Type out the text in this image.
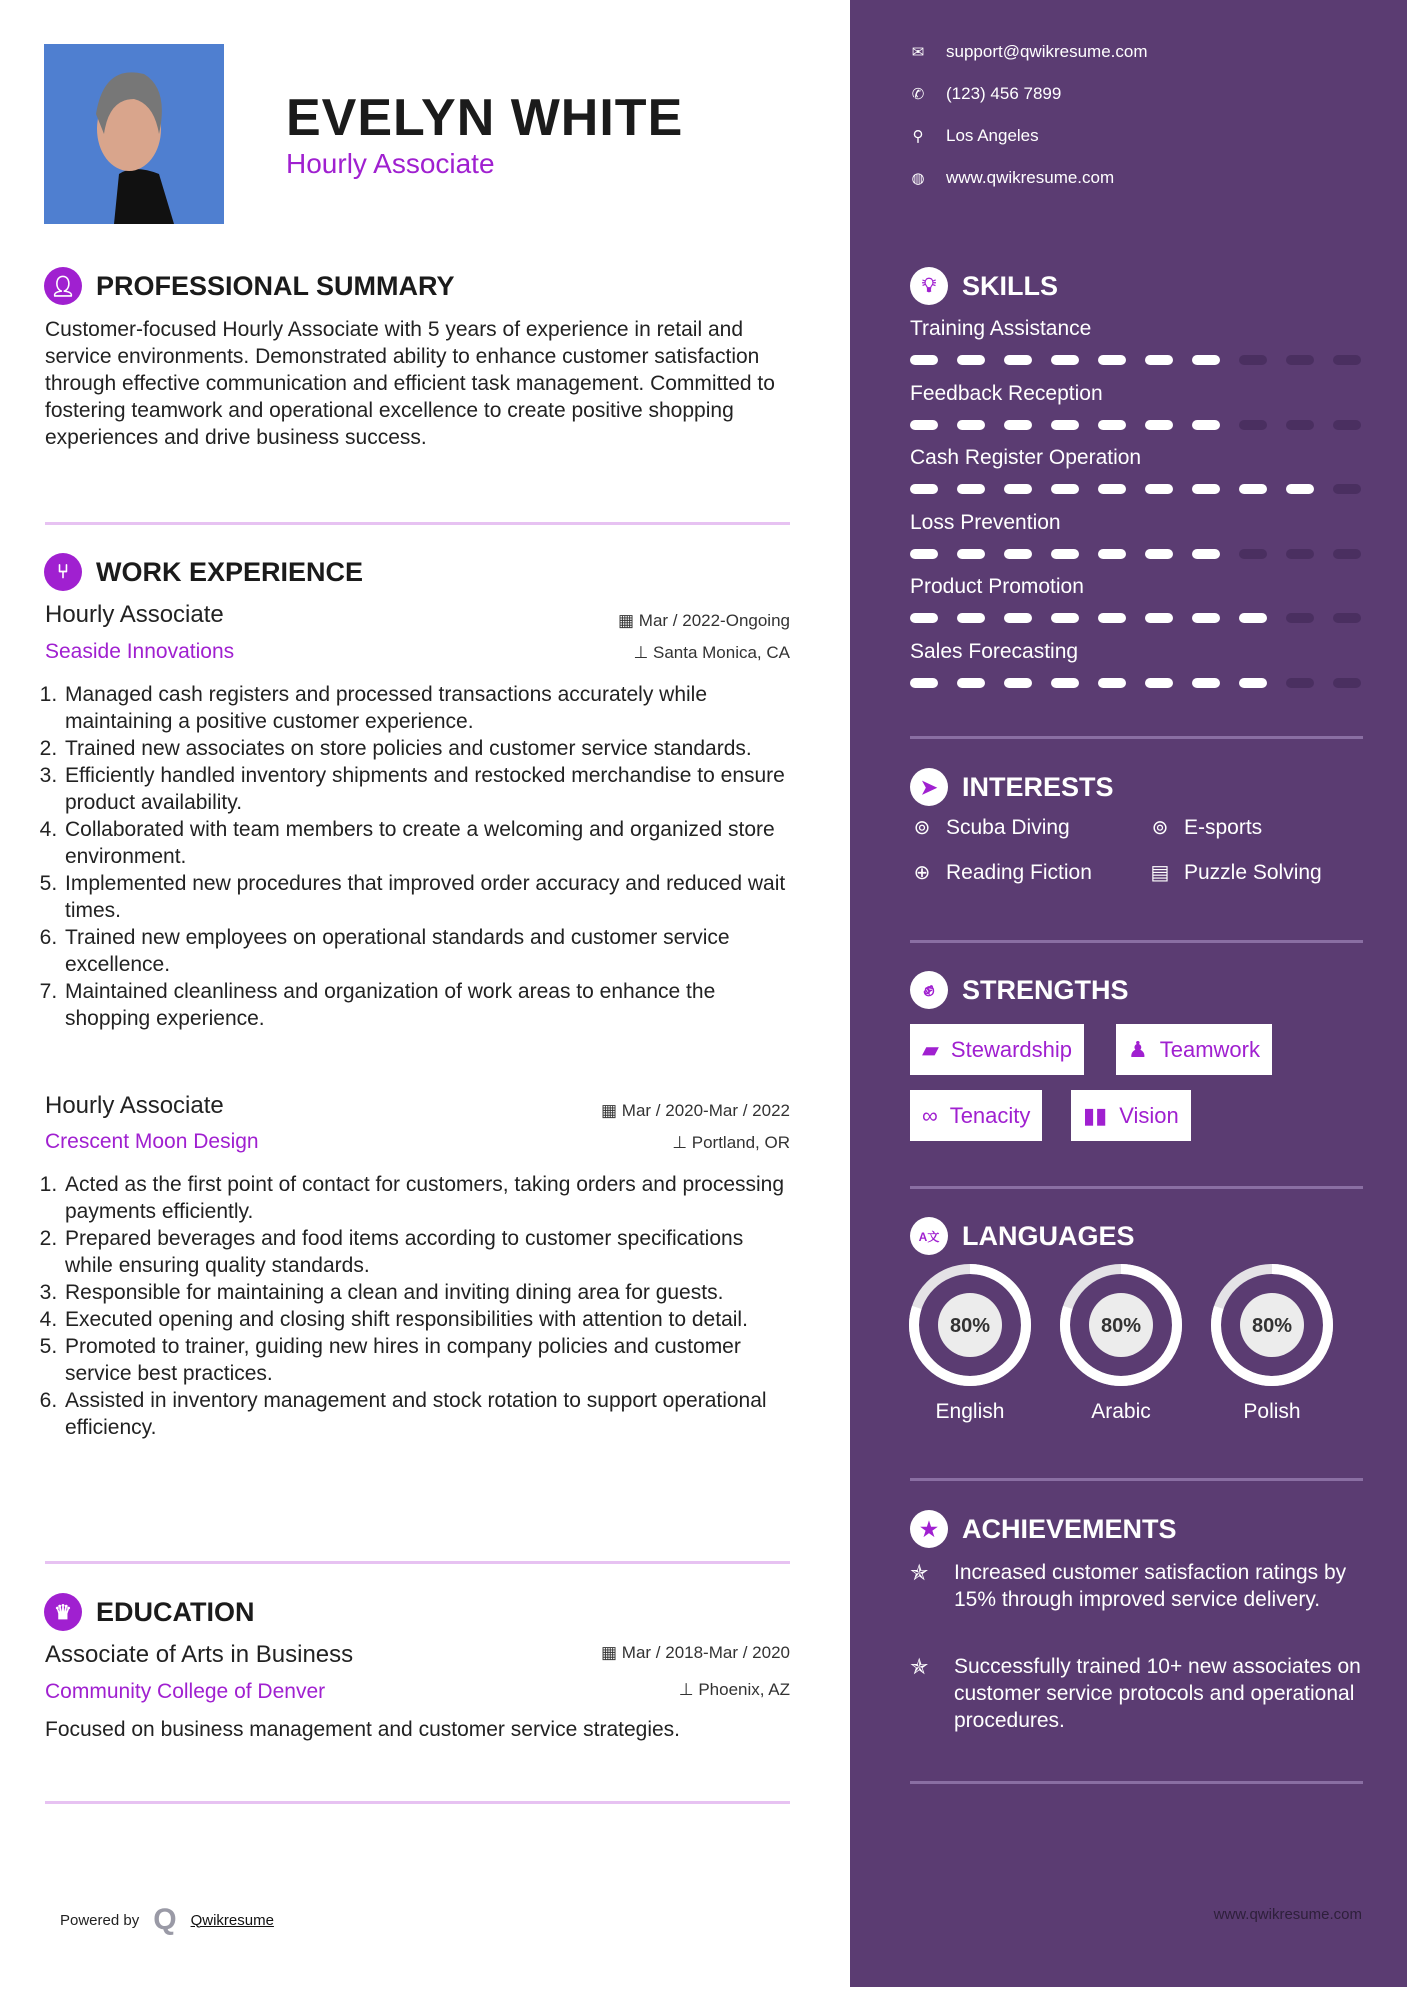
EVELYN WHITE
Hourly Associate
👤︎ PROFESSIONAL SUMMARY
Customer-focused Hourly Associate with 5 years of experience in retail and service environments. Demonstrated ability to enhance customer satisfaction through effective communication and efficient task management. Committed to fostering teamwork and operational excellence to create positive shopping experiences and drive business success.
⑂	WORK EXPERIENCE
Hourly Associate	▦ Mar / 2022-Ongoing
Seaside Innovations	⊥ Santa Monica, CA
1. Managed cash registers and processed transactions accurately while maintaining a positive customer experience.
2. Trained new associates on store policies and customer service standards.
3. Efficiently handled inventory shipments and restocked merchandise to ensure product availability.
4. Collaborated with team members to create a welcoming and organized store environment.
5. Implemented new procedures that improved order accuracy and reduced wait times.
6. Trained new employees on operational standards and customer service excellence.
7. Maintained cleanliness and organization of work areas to enhance the shopping experience.
Hourly Associate	▦ Mar / 2020-Mar / 2022
Crescent Moon Design	⊥ Portland, OR
1. Acted as the first point of contact for customers, taking orders and processing payments efficiently.
2. Prepared beverages and food items according to customer specifications while ensuring quality standards.
3. Responsible for maintaining a clean and inviting dining area for guests.
4. Executed opening and closing shift responsibilities with attention to detail.
5. Promoted to trainer, guiding new hires in company policies and customer service best practices.
6. Assisted in inventory management and stock rotation to support operational efficiency.
♛ EDUCATION
Associate of Arts in Business	▦ Mar / 2018-Mar / 2020
Community College of Denver	⊥ Phoenix, AZ
Focused on business management and customer service strategies.
Powered by Q Qwikresume
💡︎ SKILLS
➤ INTERESTS
✊︎	STRENGTHS
A文 LANGUAGES
★ ACHIEVEMENTS
www.qwikresume.com
✉ support@qwikresume.com
✆ (123) 456 7899
⚲ Los Angeles
◍ www.qwikresume.com
Training Assistance
Feedback Reception
Cash Register Operation
Loss Prevention
Product Promotion
Sales Forecasting
⊚ Scuba Diving	⊚ E-sports
⊕ Reading Fiction	▤ Puzzle Solving
▰ Stewardship	♟ Teamwork
∞ Tenacity ▮▮ Vision
80%
English
80%
Arabic
80%
Polish
✯	Increased customer satisfaction ratings by 15% through improved service delivery.
✯	Successfully trained 10+ new associates on customer service protocols and operational procedures.
